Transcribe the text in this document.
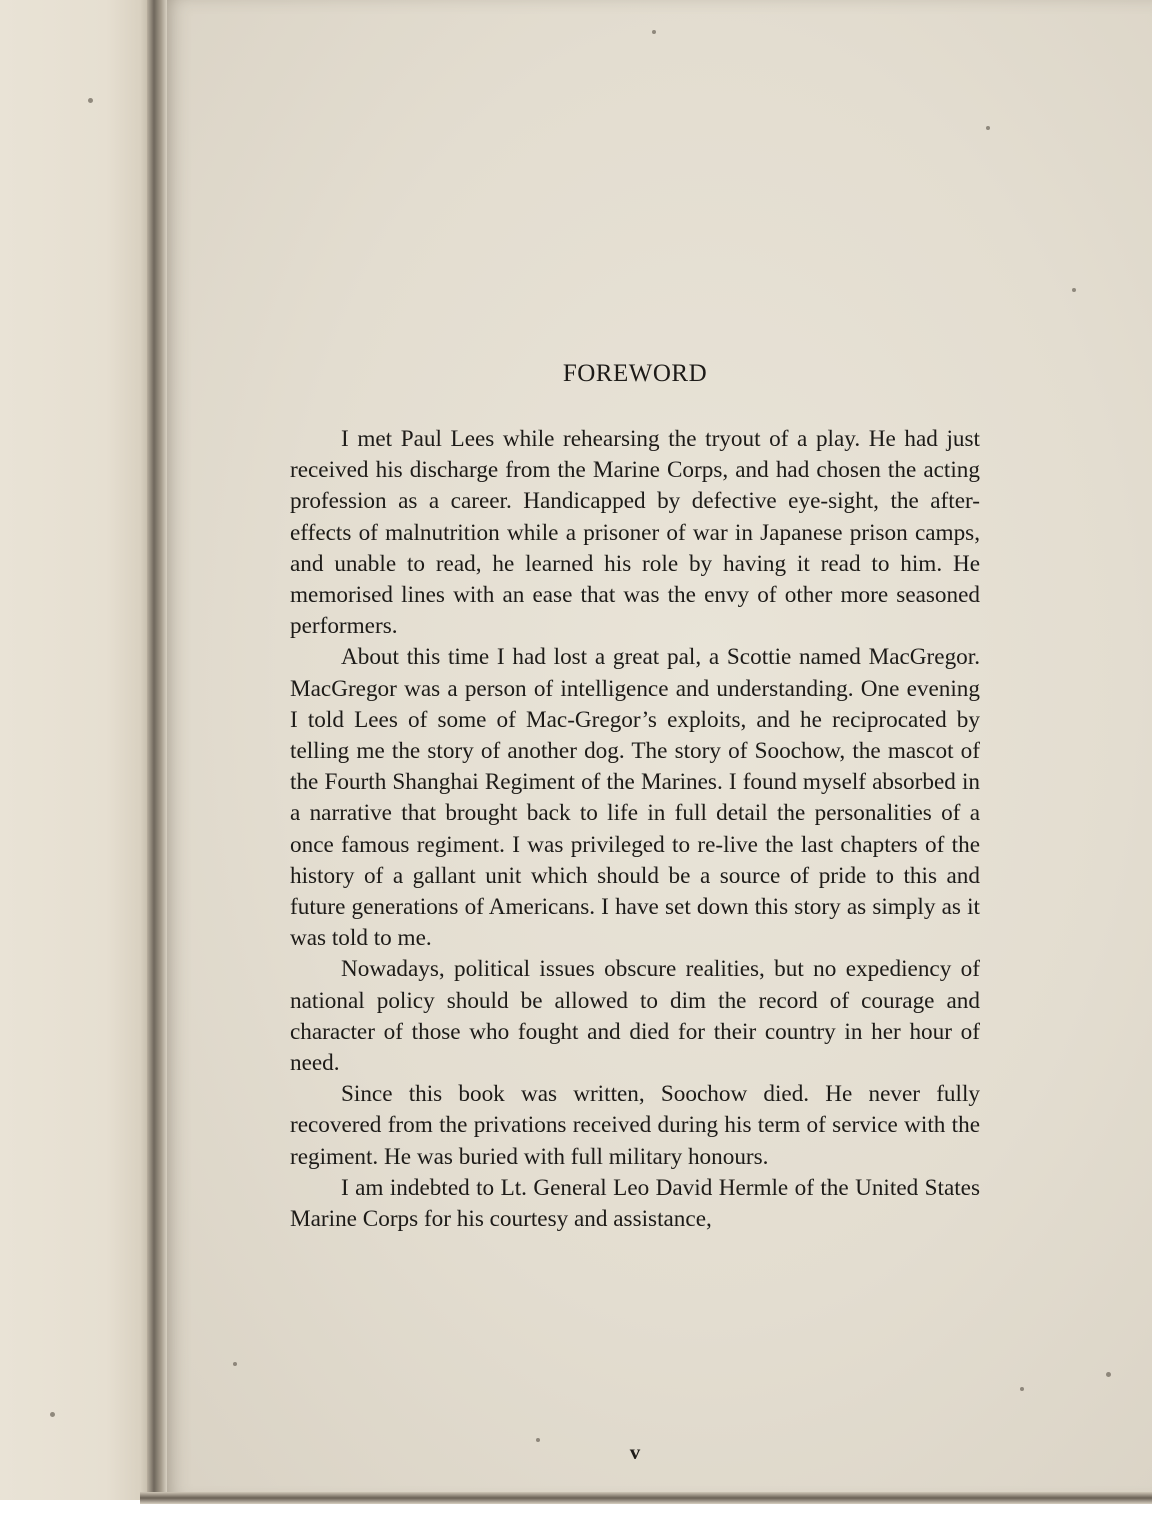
FOREWORD

I met Paul Lees while rehearsing the tryout of a play. He had just received his discharge from the Marine Corps, and had chosen the acting profession as a career. Handicapped by defective eye-sight, the after-effects of malnutrition while a prisoner of war in Japanese prison camps, and unable to read, he learned his role by having it read to him. He memorised lines with an ease that was the envy of other more seasoned performers.

About this time I had lost a great pal, a Scottie named MacGregor. MacGregor was a person of intelligence and understanding. One evening I told Lees of some of Mac-Gregor’s exploits, and he reciprocated by telling me the story of another dog. The story of Soochow, the mascot of the Fourth Shanghai Regiment of the Marines. I found myself absorbed in a narrative that brought back to life in full detail the personalities of a once famous regiment. I was privileged to re-live the last chapters of the history of a gallant unit which should be a source of pride to this and future generations of Americans. I have set down this story as simply as it was told to me.

Nowadays, political issues obscure realities, but no expediency of national policy should be allowed to dim the record of courage and character of those who fought and died for their country in her hour of need.

Since this book was written, Soochow died. He never fully recovered from the privations received during his term of service with the regiment. He was buried with full military honours.

I am indebted to Lt. General Leo David Hermle of the United States Marine Corps for his courtesy and assistance,

v
